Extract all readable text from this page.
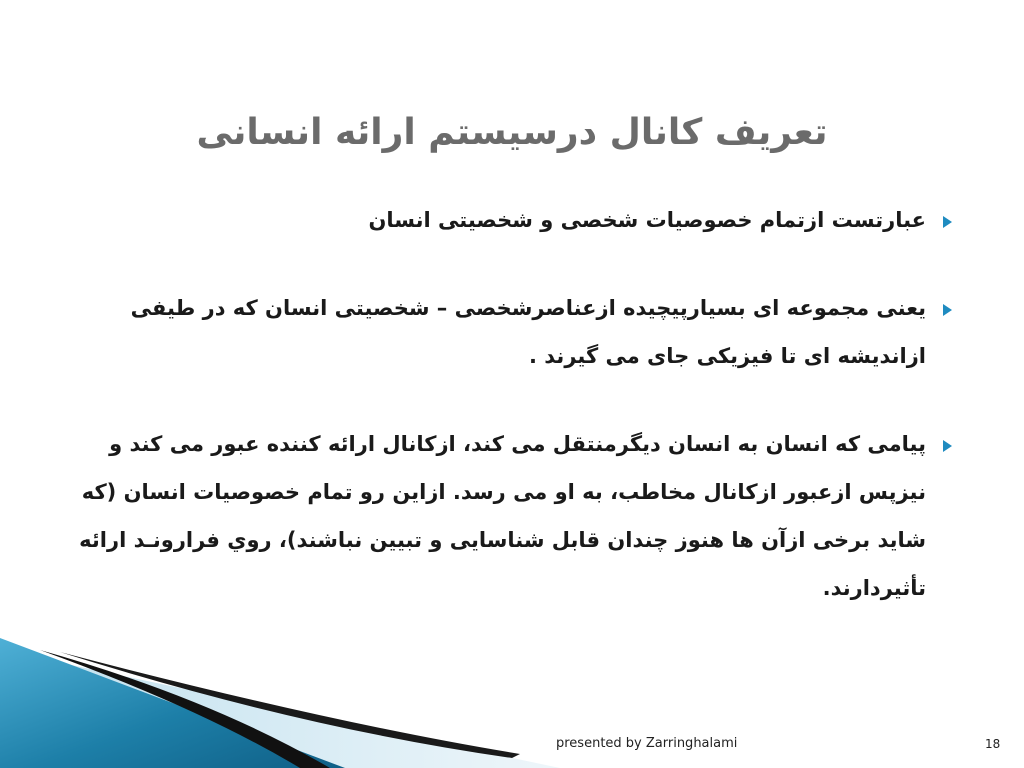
تعریف کانال درسیستم ارائه انسانی

عبارتست ازتمام خصوصیات شخصی و شخصیتی انسان

یعنی مجموعه ای بسیارپیچیده ازعناصرشخصی – شخصیتی انسان که در طیفی ازاندیشه ای تا فیزیکی جای می گیرند .

پیامی که انسان به انسان دیگرمنتقل می کند، ازکانال ارائه کننده عبور می کند و نیزپس ازعبور ازکانال مخاطب، به او می رسد. ازاین رو تمام خصوصیات انسان (که شاید برخی ازآن ها هنوز چندان قابل شناسایی و تبیین نباشند)، روي فرارونـد ارائه تأثیردارند.

presented by Zarringhalami	18
